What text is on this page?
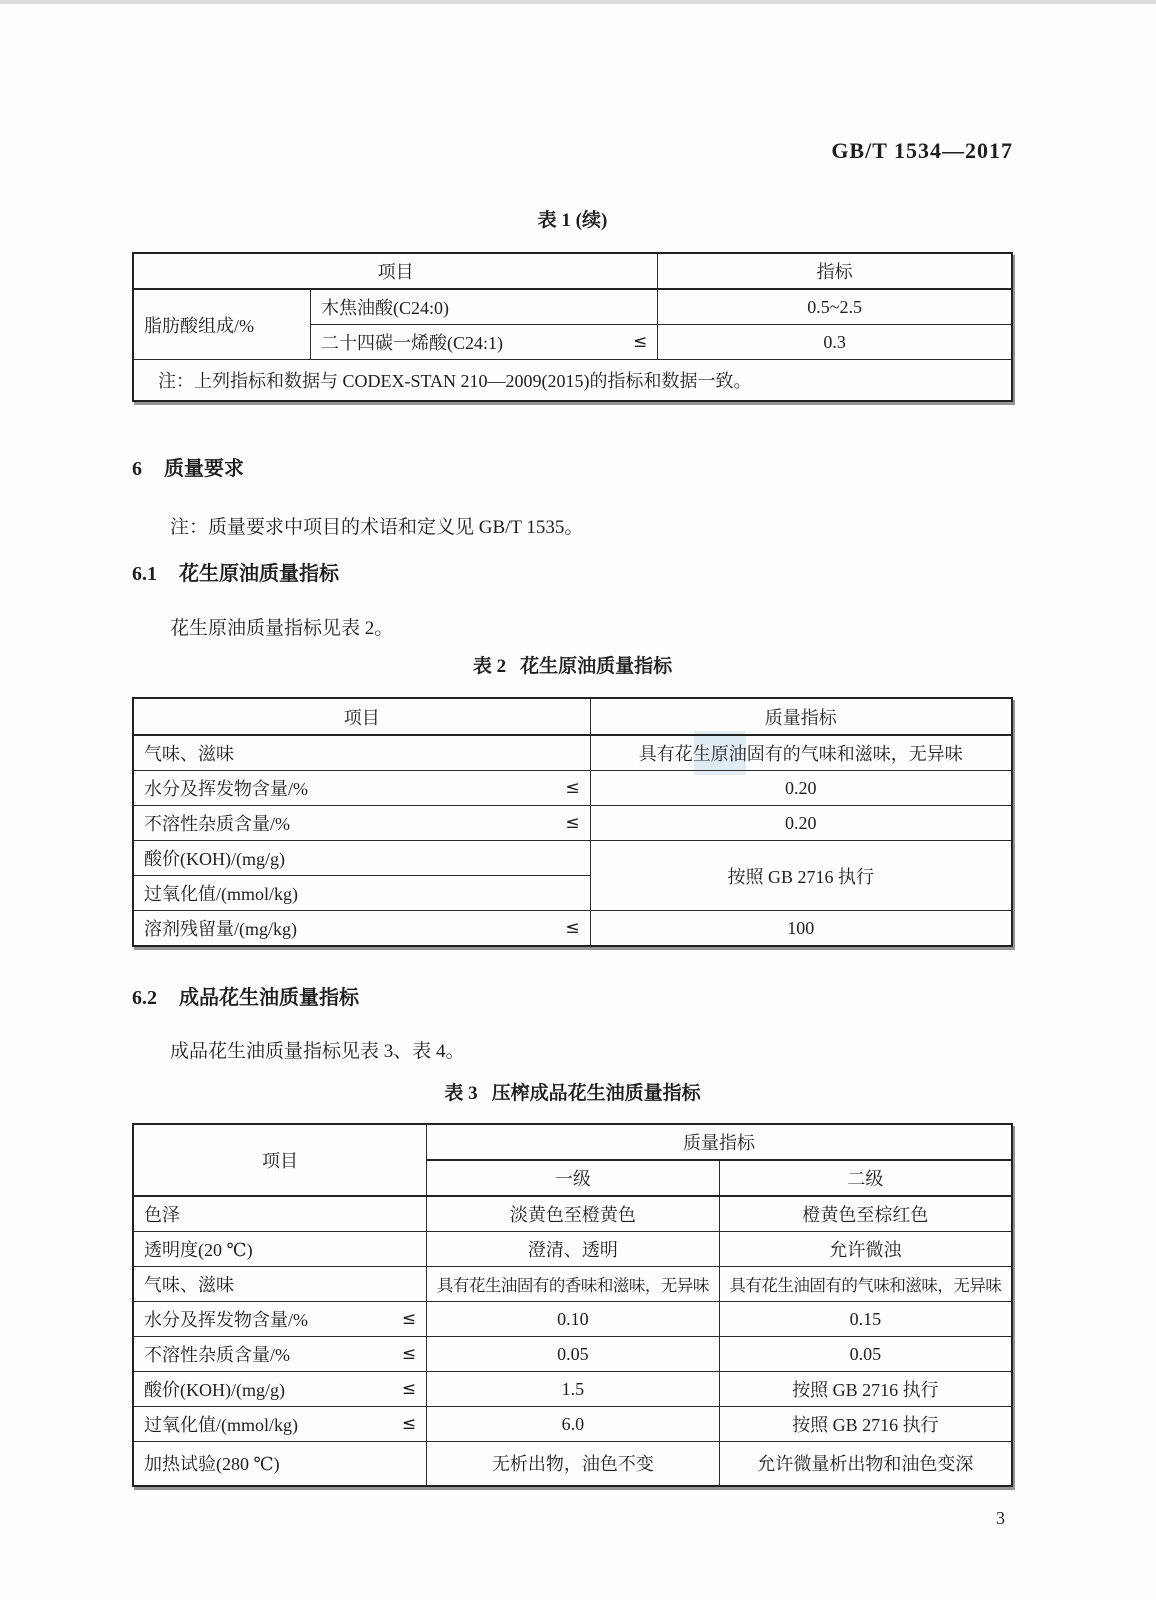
GB/T 1534—2017
表 1 (续)
项目		指标
脂肪酸组成/%	木焦油酸(C24:0)	0.5~2.5

	二十四碳一烯酸(C24:1) ≤	0.3
注：上列指标和数据与 CODEX-STAN 210—2009(2015)的指标和数据一致。		
6 质量要求
注：质量要求中项目的术语和定义见 GB/T 1535。
6.1 花生原油质量指标
花生原油质量指标见表 2。
表 2 花生原油质量指标
项目	质量指标

气味、滋味	具有花生原油固有的气味和滋味，无异味

水分及挥发物含量/% ≤	0.20

不溶性杂质含量/% ≤	0.20

酸价(KOH)/(mg/g)	按照 GB 2716 执行

过氧化值/(mmol/kg)	

溶剂残留量/(mg/kg) ≤	100
6.2 成品花生油质量指标
成品花生油质量指标见表 3、表 4。
表 3 压榨成品花生油质量指标
项目	质量指标	
	一级	二级

色泽	淡黄色至橙黄色	橙黄色至棕红色

透明度(20 ℃)	澄清、透明	允许微浊

气味、滋味	具有花生油固有的香味和滋味，无异味	具有花生油固有的气味和滋味，无异味

水分及挥发物含量/% ≤	0.10	0.15

不溶性杂质含量/% ≤	0.05	0.05

酸价(KOH)/(mg/g) ≤	1.5	按照 GB 2716 执行

过氧化值/(mmol/kg) ≤	6.0	按照 GB 2716 执行

加热试验(280 ℃)	无析出物，油色不变	允许微量析出物和油色变深
3
